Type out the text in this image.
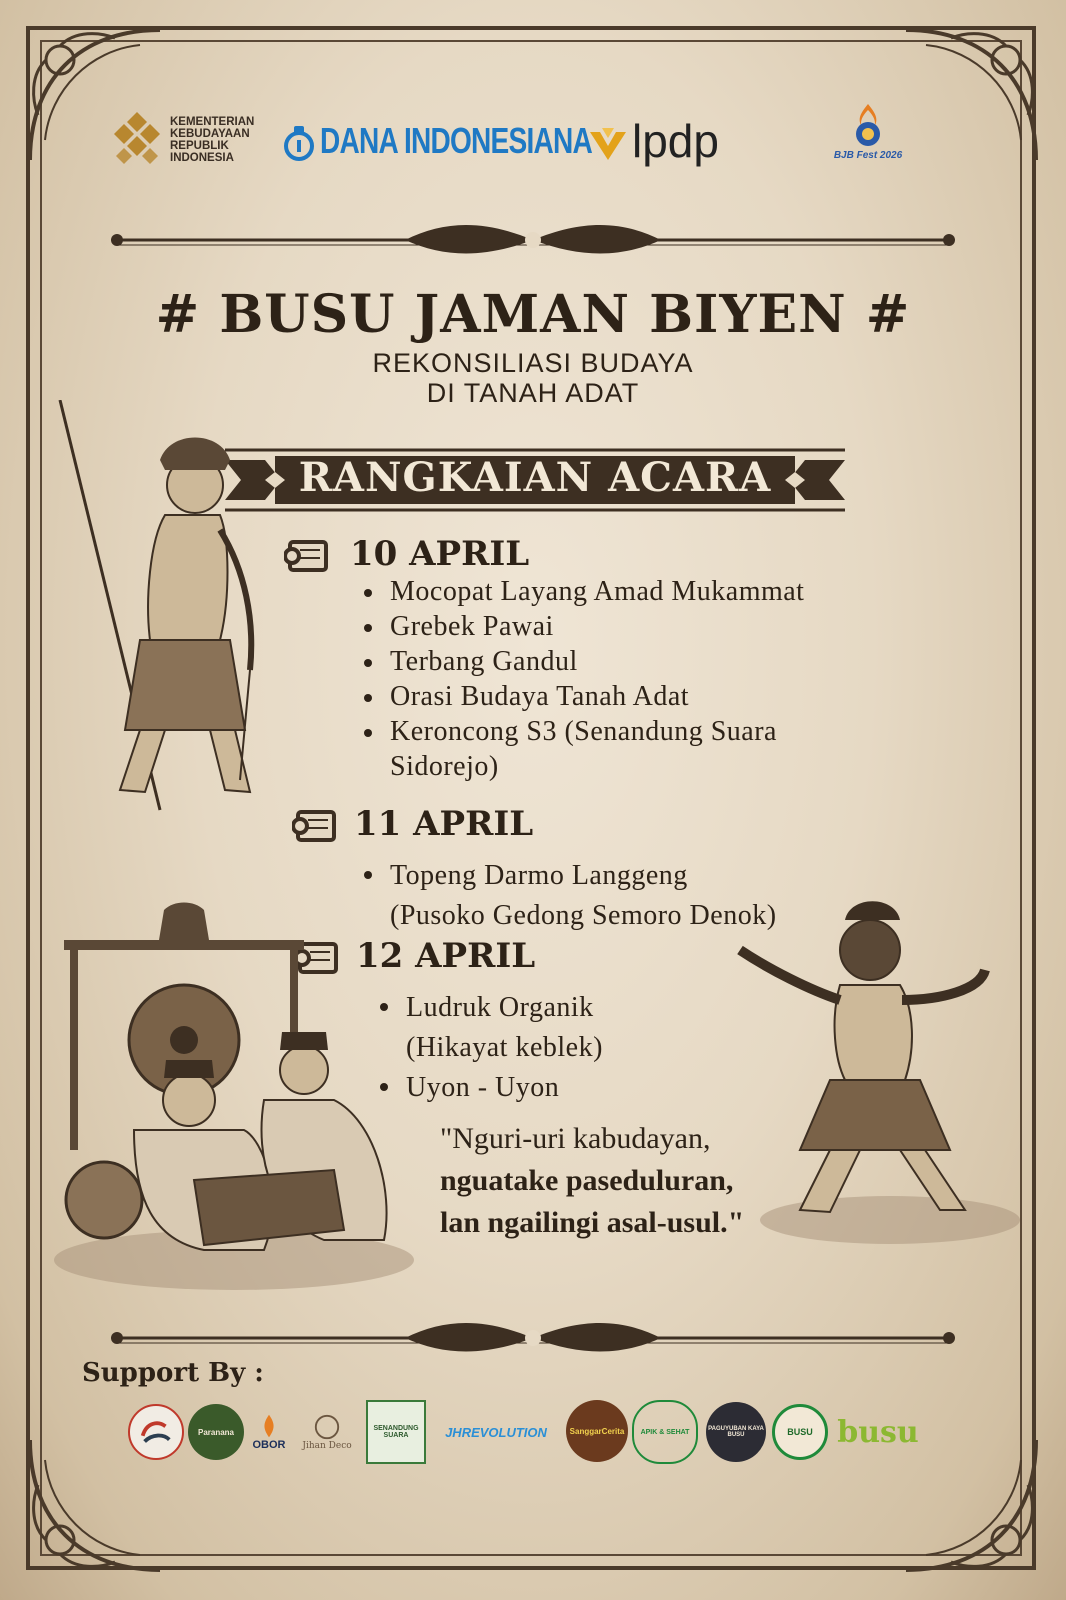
KEMENTERIAN
KEBUDAYAAN
REPUBLIK
INDONESIA	DANA INDONESIANA lpdp	BJB Fest 2026
# BUSU JAMAN BIYEN #
REKONSILIASI BUDAYA
DI TANAH ADAT
RANGKAIAN ACARA
10 APRIL
Mocopat Layang Amad Mukammat
Grebek Pawai
Terbang Gandul
Orasi Budaya Tanah Adat
Keroncong S3 (Senandung Suara
Sidorejo)
11 APRIL
Topeng Darmo Langgeng
(Pusoko Gedong Semoro Denok)
12 APRIL
Ludruk Organik
(Hikayat keblek)
Uyon - Uyon
"Nguri-uri kabudayan,
nguatake paseduluran,
lan ngailingi asal-usul."
Support By :
Paranana
OBOR Jihan Deco
SENANDUNG SUARA	JHREVOLUTION	SanggarCerita APIK & SEHAT	PAGUYUBAN KAYA BUSU	BUSU busu
